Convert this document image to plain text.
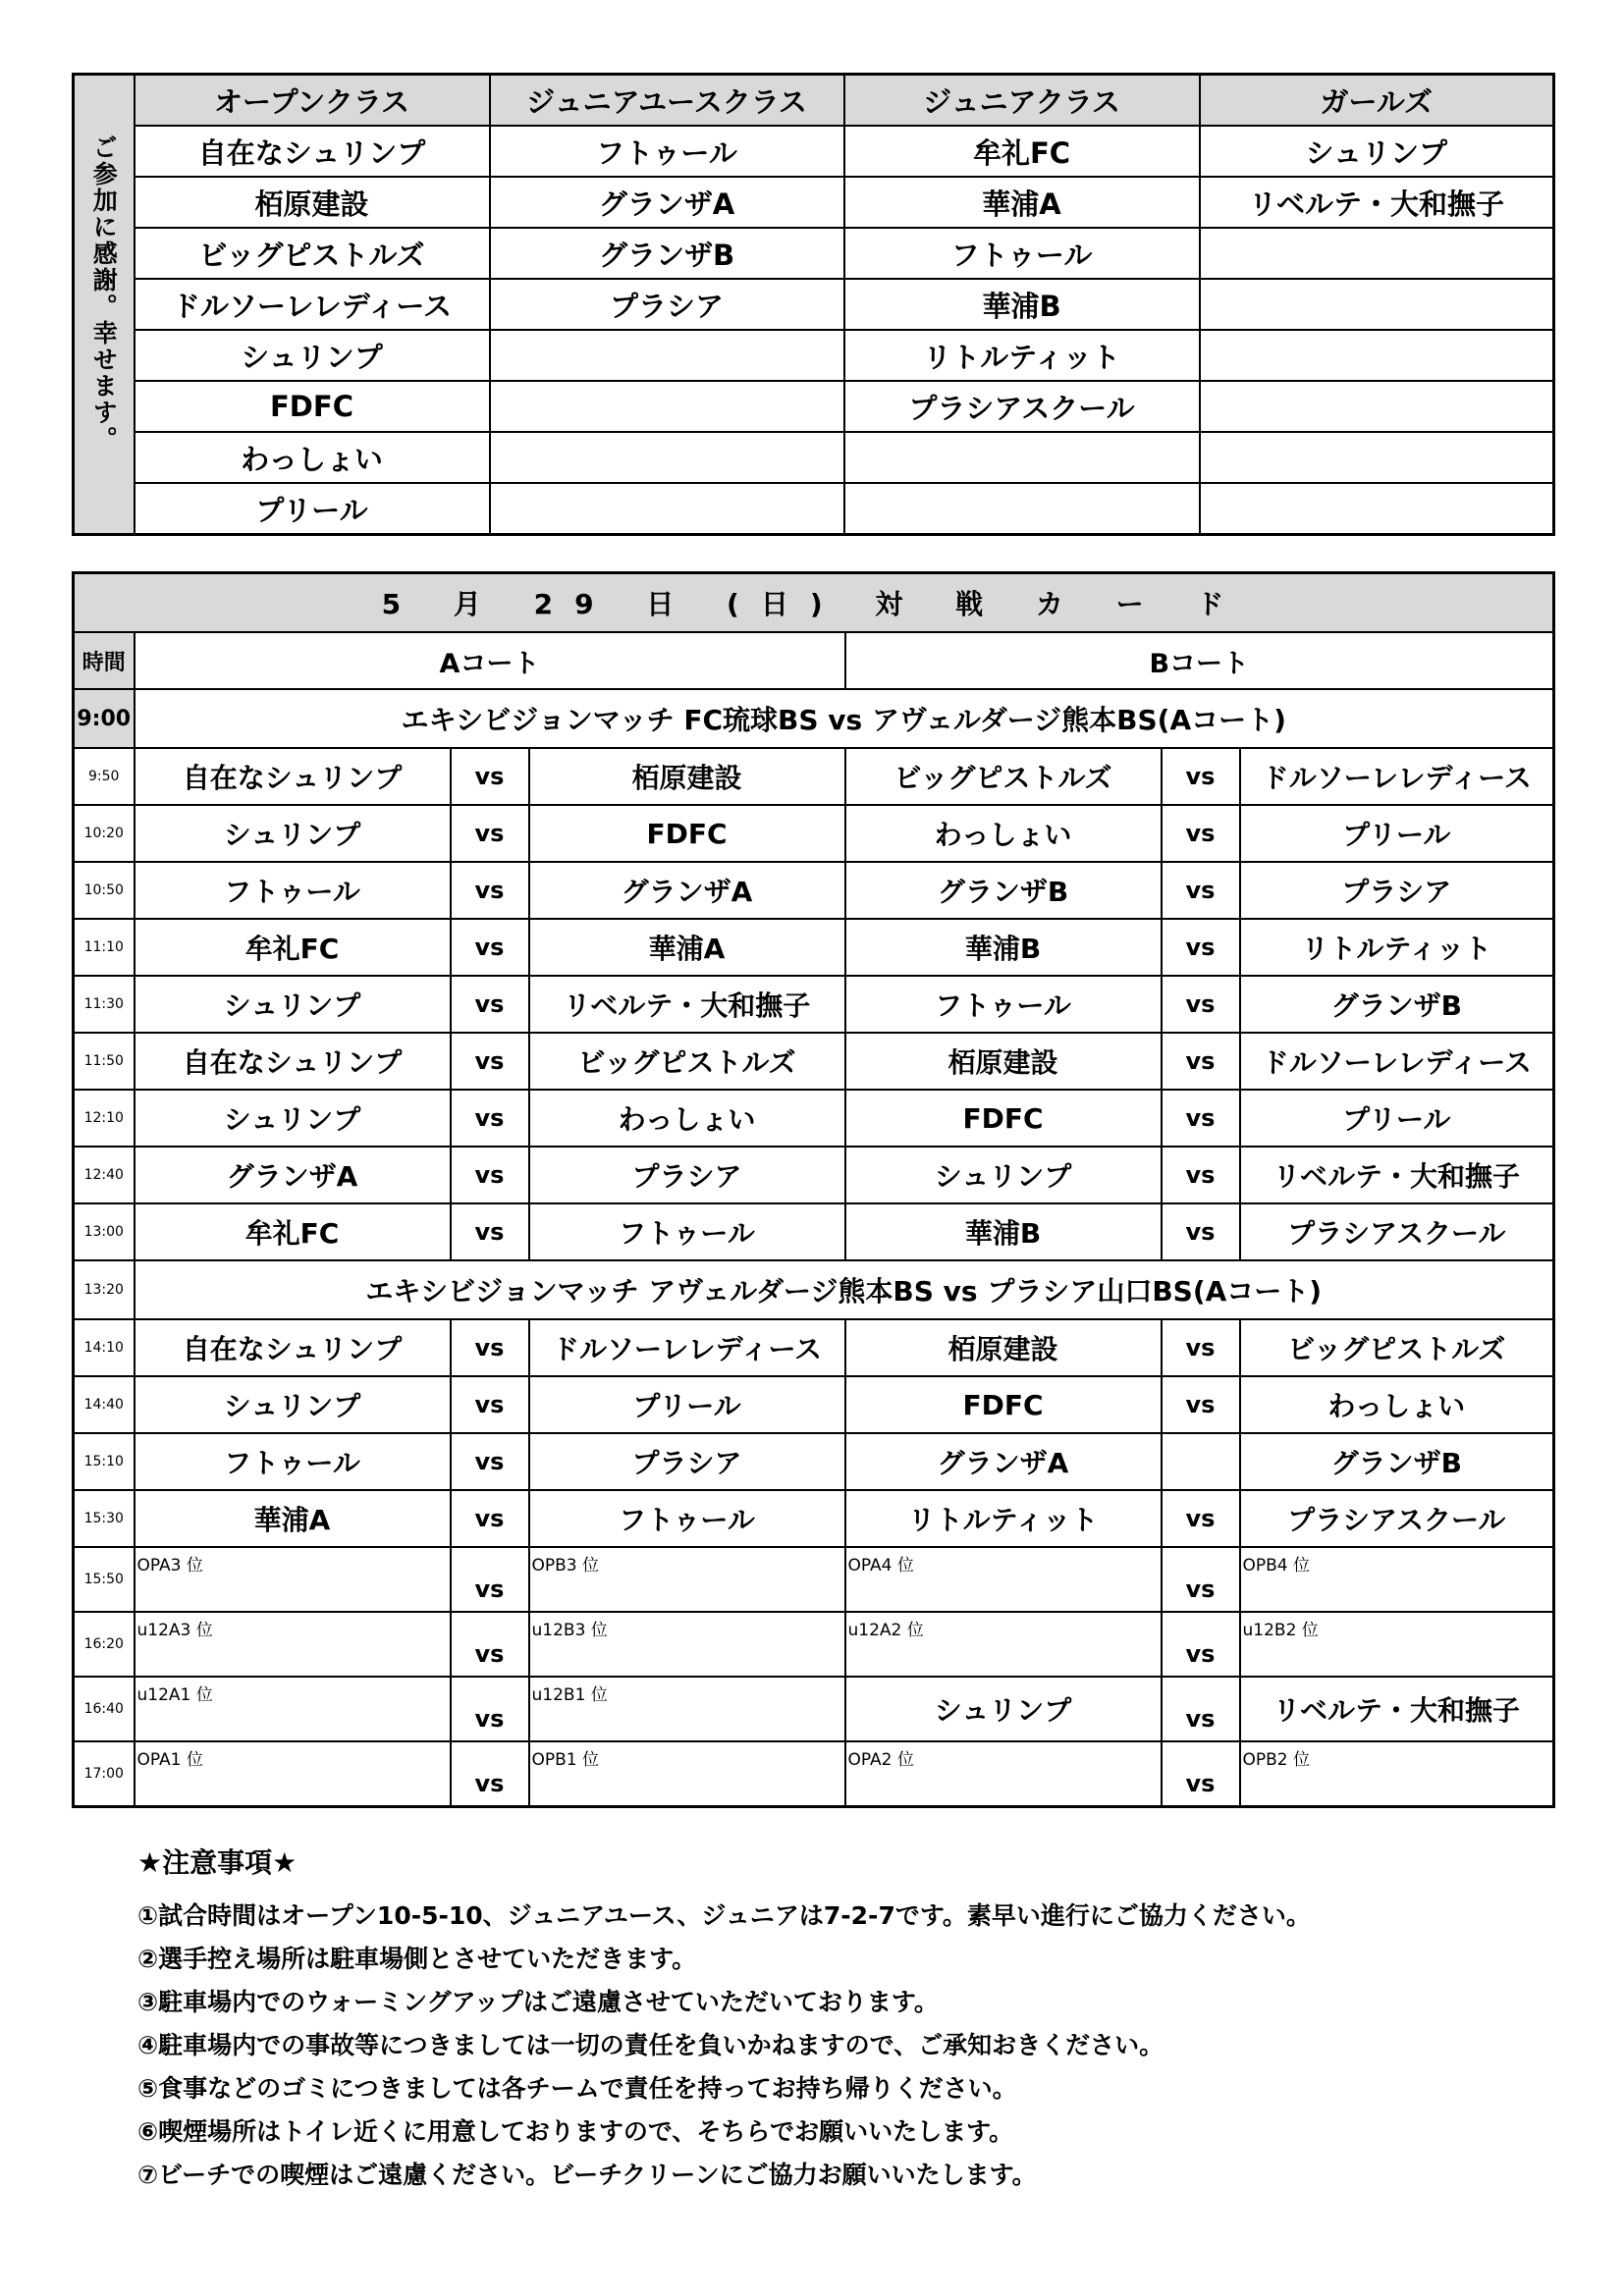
ご参加に感謝。幸せます。	オープンクラス	ジュニアユースクラス	ジュニアクラス	ガールズ
	自在なシュリンプ	フトゥール	牟礼FC	シュリンプ
	栢原建設	グランザA	華浦A	リベルテ・大和撫子
	ビッグピストルズ	グランザB	フトゥール	
	ドルソーレレディース	プラシア	華浦B	
	シュリンプ		リトルティット	
	FDFC		プラシアスクール	
	わっしょい			
	プリール			
5 月 29 日 (日) 対 戦 カ ー ド						
時間	Aコート			Bコート		
9:00	エキシビジョンマッチ FC琉球BS vs アヴェルダージ熊本BS(Aコート)					
9:50	自在なシュリンプ	vs	栢原建設	ビッグピストルズ	vs	ドルソーレレディース
10:20	シュリンプ	vs	FDFC	わっしょい	vs	プリール
10:50	フトゥール	vs	グランザA	グランザB	vs	プラシア
11:10	牟礼FC	vs	華浦A	華浦B	vs	リトルティット
11:30	シュリンプ	vs	リベルテ・大和撫子	フトゥール	vs	グランザB
11:50	自在なシュリンプ	vs	ビッグピストルズ	栢原建設	vs	ドルソーレレディース
12:10	シュリンプ	vs	わっしょい	FDFC	vs	プリール
12:40	グランザA	vs	プラシア	シュリンプ	vs	リベルテ・大和撫子
13:00	牟礼FC	vs	フトゥール	華浦B	vs	プラシアスクール
13:20	エキシビジョンマッチ アヴェルダージ熊本BS vs プラシア山口BS(Aコート)					
14:10	自在なシュリンプ	vs	ドルソーレレディース	栢原建設	vs	ビッグピストルズ
14:40	シュリンプ	vs	プリール	FDFC	vs	わっしょい
15:10	フトゥール	vs	プラシア	グランザA		グランザB
15:30	華浦A	vs	フトゥール	リトルティット	vs	プラシアスクール
15:50	OPA3 位	vs	OPB3 位	OPA4 位	vs	OPB4 位
16:20	u12A3 位	vs	u12B3 位	u12A2 位	vs	u12B2 位
16:40	u12A1 位	vs	u12B1 位	シュリンプ	vs	リベルテ・大和撫子
17:00	OPA1 位	vs	OPB1 位	OPA2 位	vs	OPB2 位
★注意事項★
①試合時間はオープン10-5-10、ジュニアユース、ジュニアは7-2-7です。素早い進行にご協力ください。
②選手控え場所は駐車場側とさせていただきます。
③駐車場内でのウォーミングアップはご遠慮させていただいております。
④駐車場内での事故等につきましては一切の責任を負いかねますので、ご承知おきください。
⑤食事などのゴミにつきましては各チームで責任を持ってお持ち帰りください。
⑥喫煙場所はトイレ近くに用意しておりますので、そちらでお願いいたします。
⑦ビーチでの喫煙はご遠慮ください。ビーチクリーンにご協力お願いいたします。
